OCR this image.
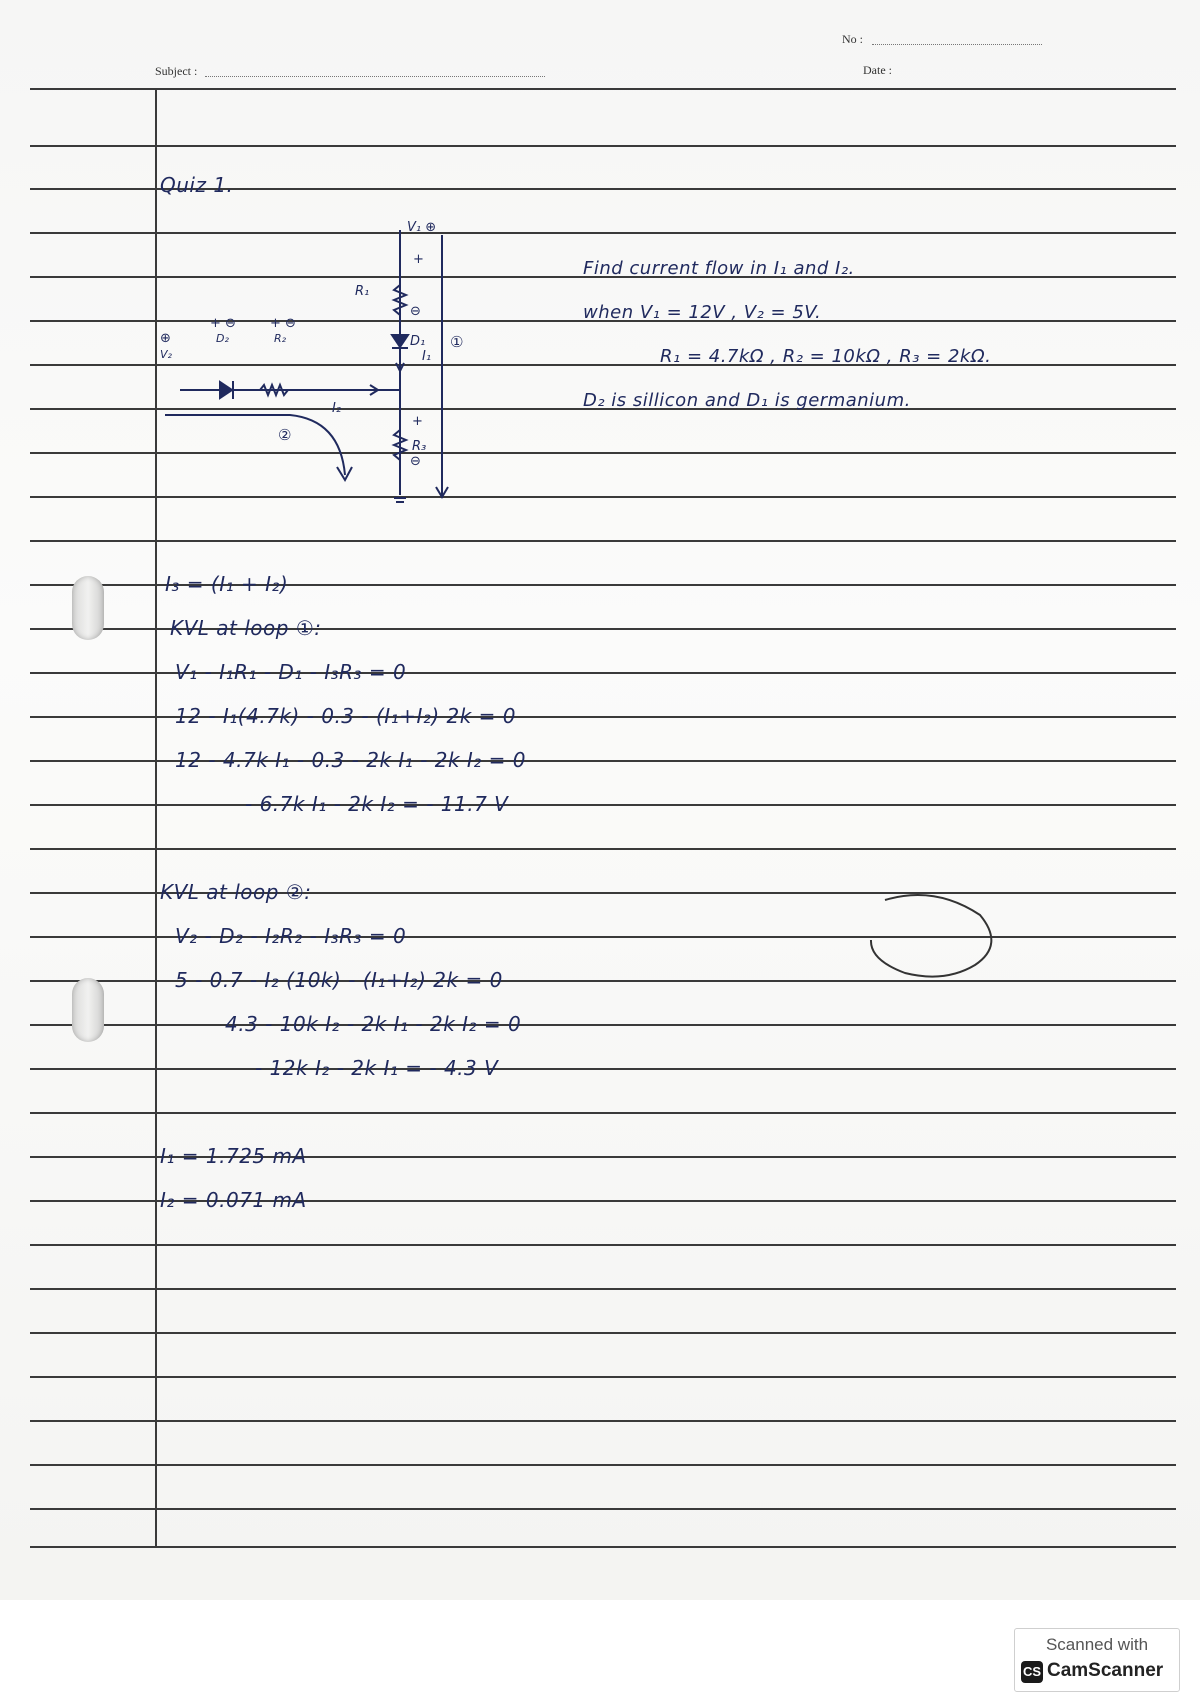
No :
Subject :	Date :
Quiz 1.
V₁ ⊕
R₁
+
⊖
D₁
I₁
①
⊕
V₂
+ ⊖
D₂
+ ⊖
R₂
I₂
②
+
R₃
⊖
Find current flow in I₁ and I₂.
when V₁ = 12V , V₂ = 5V.
R₁ = 4.7kΩ , R₂ = 10kΩ , R₃ = 2kΩ.
D₂ is sillicon and D₁ is germanium.
I₃ = (I₁ + I₂)
KVL at loop ①:
V₁ - I₁R₁ - D₁ - I₃R₃ = 0
12 - I₁(4.7k) - 0.3 - (I₁+I₂) 2k = 0
12 - 4.7k I₁ - 0.3 - 2k I₁ - 2k I₂ = 0
- 6.7k I₁ - 2k I₂ = - 11.7 V
KVL at loop ②:
V₂ - D₂ - I₂R₂ - I₃R₃ = 0
5 - 0.7 - I₂ (10k) - (I₁+I₂) 2k = 0
4.3 - 10k I₂ - 2k I₁ - 2k I₂ = 0
- 12k I₂ - 2k I₁ = - 4.3 V
I₁ = 1.725 mA
I₂ = 0.071 mA
Scanned with
CS CamScanner
